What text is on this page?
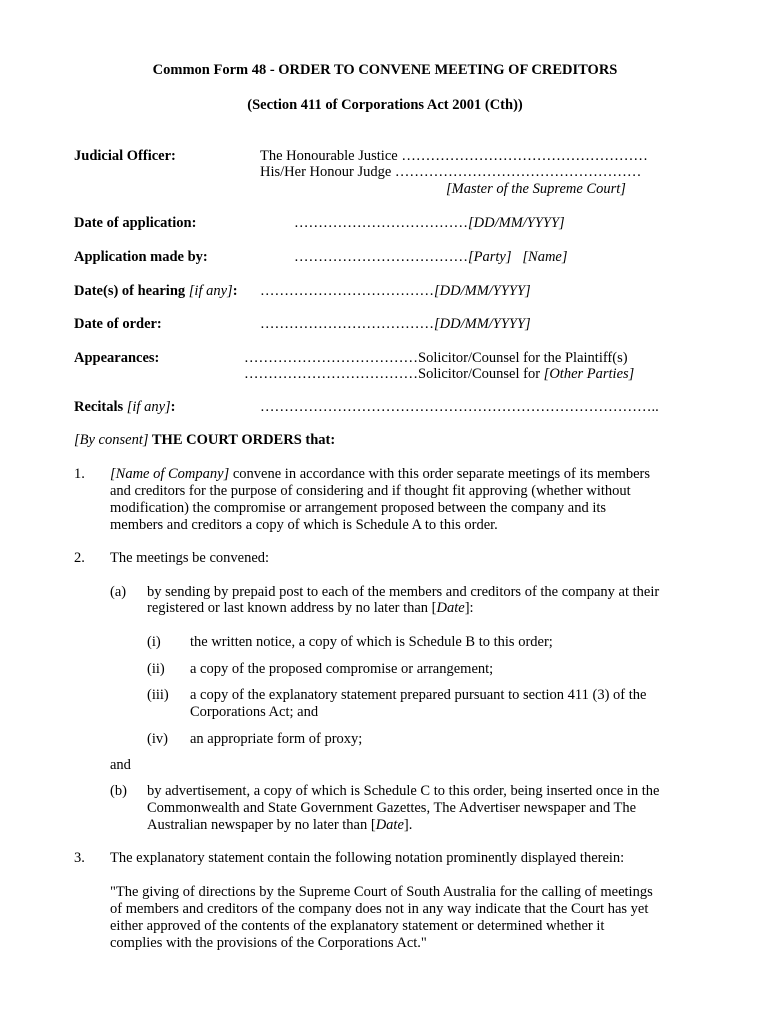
Common Form 48 - ORDER TO CONVENE MEETING OF CREDITORS
(Section 411 of Corporations Act 2001 (Cth))
Judicial Officer:	The Honourable Justice ……………………………………………
His/Her Honour Judge ……………………………………………
[Master of the Supreme Court]
Date of application:	………………………………[DD/MM/YYYY]
Application made by:	………………………………[Party]   [Name]
Date(s) of hearing [if any]: ………………………………[DD/MM/YYYY]
Date of order:	………………………………[DD/MM/YYYY]
Appearances:	………………………………Solicitor/Counsel for the Plaintiff(s)
………………………………Solicitor/Counsel for [Other Parties]
Recitals [if any]:	………………………………………………………………………..
[By consent] THE COURT ORDERS that:
1. [Name of Company] convene in accordance with this order separate meetings of its members
and creditors for the purpose of considering and if thought fit approving (whether without
modification) the compromise or arrangement proposed between the company and its
members and creditors a copy of which is Schedule A to this order.
2. The meetings be convened:
(a) by sending by prepaid post to each of the members and creditors of the company at their
registered or last known address by no later than [Date]:
(i) the written notice, a copy of which is Schedule B to this order;
(ii) a copy of the proposed compromise or arrangement;
(iii) a copy of the explanatory statement prepared pursuant to section 411 (3) of the
Corporations Act; and
(iv) an appropriate form of proxy;
and
(b) by advertisement, a copy of which is Schedule C to this order, being inserted once in the
Commonwealth and State Government Gazettes, The Advertiser newspaper and The
Australian newspaper by no later than [Date].
3. The explanatory statement contain the following notation prominently displayed therein:
"The giving of directions by the Supreme Court of South Australia for the calling of meetings
of members and creditors of the company does not in any way indicate that the Court has yet
either approved of the contents of the explanatory statement or determined whether it
complies with the provisions of the Corporations Act."
